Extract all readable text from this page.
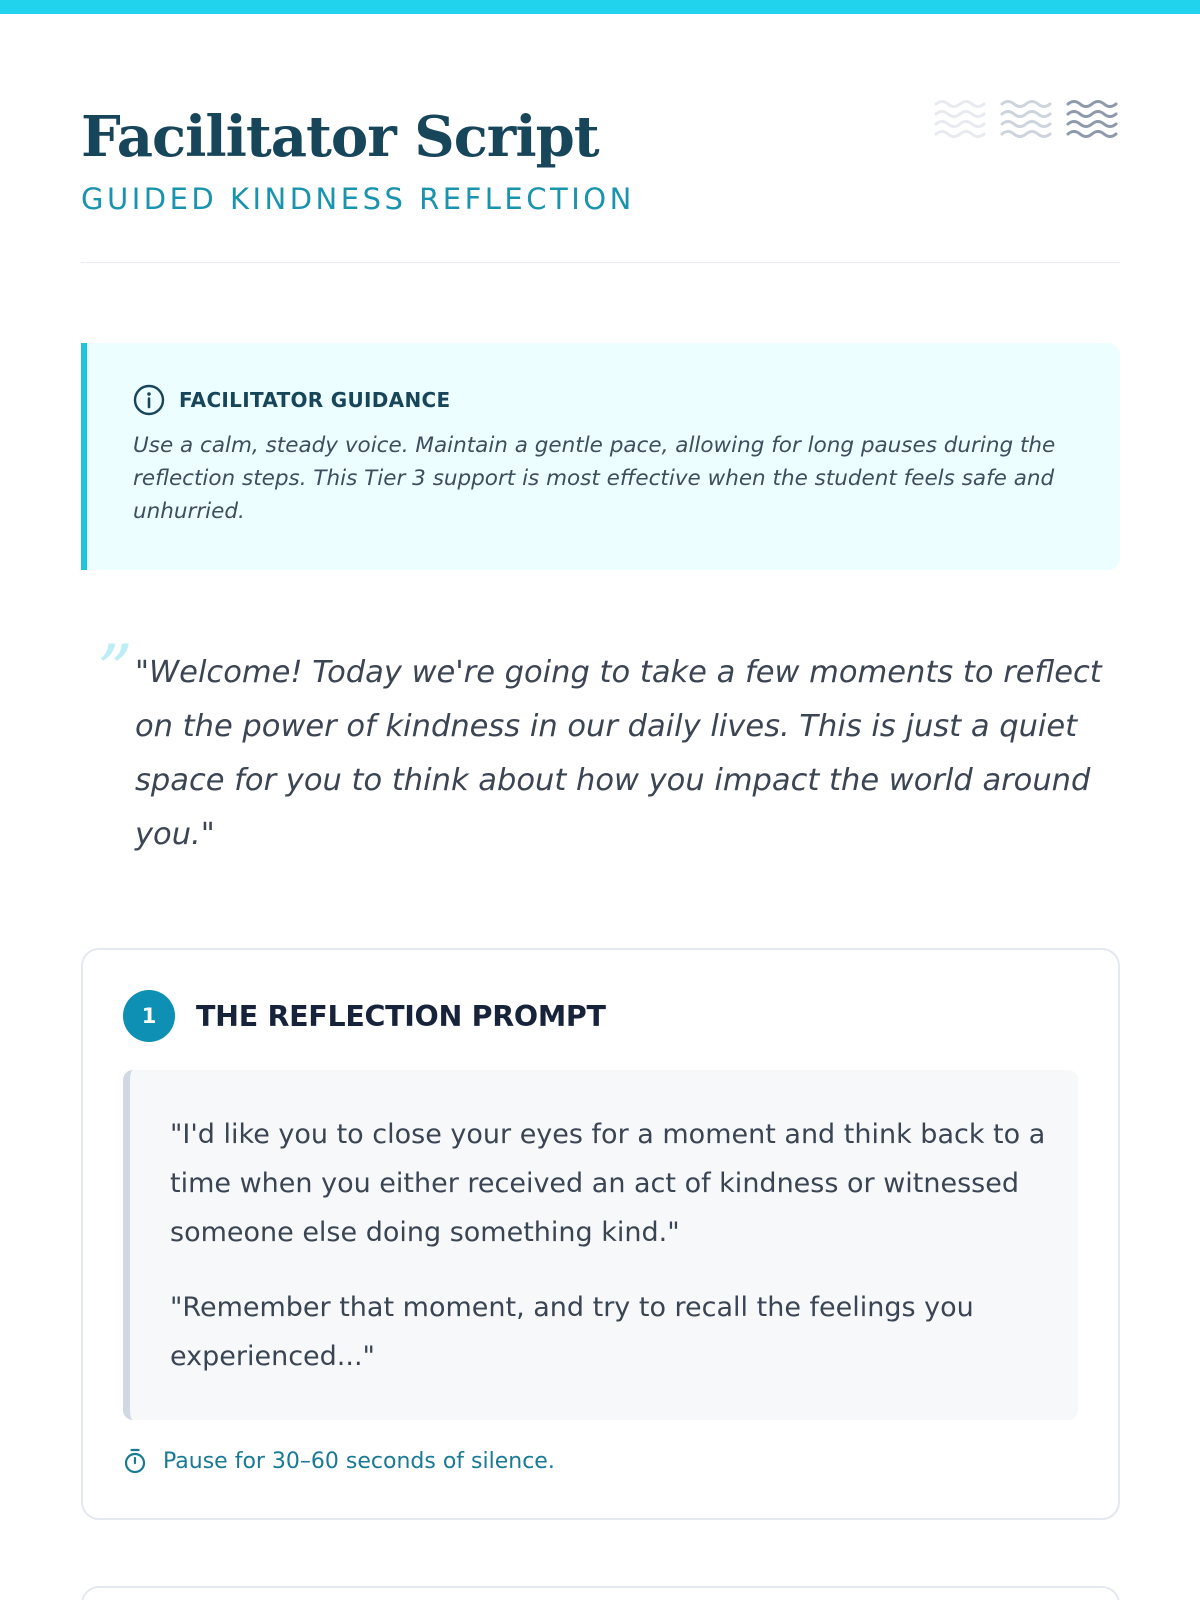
Facilitator Script
GUIDED KINDNESS REFLECTION
FACILITATOR GUIDANCE

Use a calm, steady voice. Maintain a gentle pace, allowing for long pauses during the reflection steps. This Tier 3 support is most effective when the student feels safe and unhurried.

” "Welcome! Today we're going to take a few moments to reflect on the power of kindness in our daily lives. This is just a quiet space for you to think about how you impact the world around you."

1	THE REFLECTION PROMPT

"I'd like you to close your eyes for a moment and think back to a time when you either received an act of kindness or witnessed someone else doing something kind."

"Remember that moment, and try to recall the feelings you experienced..."

Pause for 30–60 seconds of silence.
